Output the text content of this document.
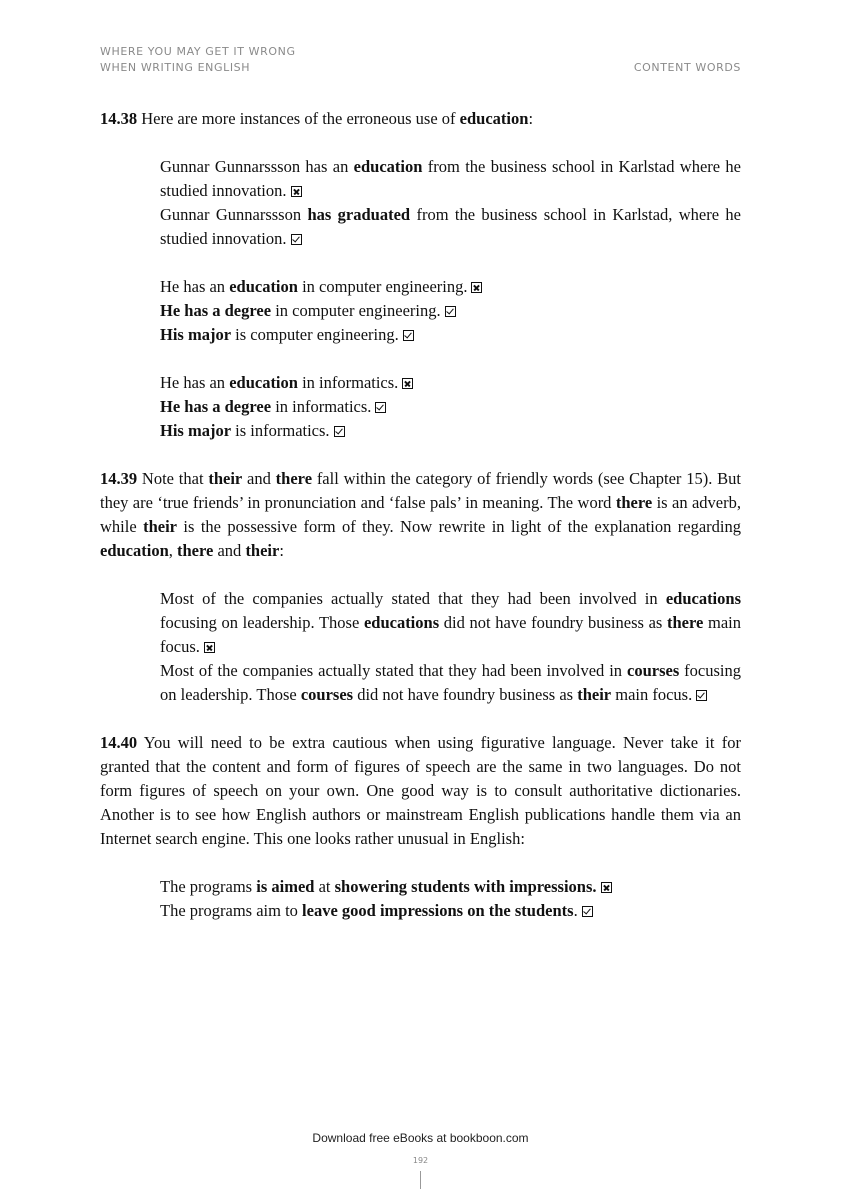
WHERE YOU MAY GET IT WRONG
WHEN WRITING ENGLISH	CONTENT WORDS
14.38 Here are more instances of the erroneous use of education:
Gunnar Gunnarssson has an education from the business school in Karlstad where he studied innovation.
Gunnar Gunnarssson has graduated from the business school in Karlstad, where he studied innovation.
He has an education in computer engineering.
He has a degree in computer engineering.
His major is computer engineering.
He has an education in informatics.
He has a degree in informatics.
His major is informatics.
14.39 Note that their and there fall within the category of friendly words (see Chapter 15). But they are ‘true friends’ in pronunciation and ‘false pals’ in meaning. The word there is an adverb, while their is the possessive form of they. Now rewrite in light of the explanation regarding education, there and their:
Most of the companies actually stated that they had been involved in educations focusing on leadership. Those educations did not have foundry business as there main focus.
Most of the companies actually stated that they had been involved in courses focusing on leadership. Those courses did not have foundry business as their main focus.
14.40 You will need to be extra cautious when using figurative language. Never take it for granted that the content and form of figures of speech are the same in two languages. Do not form figures of speech on your own. One good way is to consult authoritative dictionaries. Another is to see how English authors or mainstream English publications handle them via an Internet search engine. This one looks rather unusual in English:
The programs is aimed at showering students with impressions.
The programs aim to leave good impressions on the students.
Download free eBooks at bookboon.com
192
